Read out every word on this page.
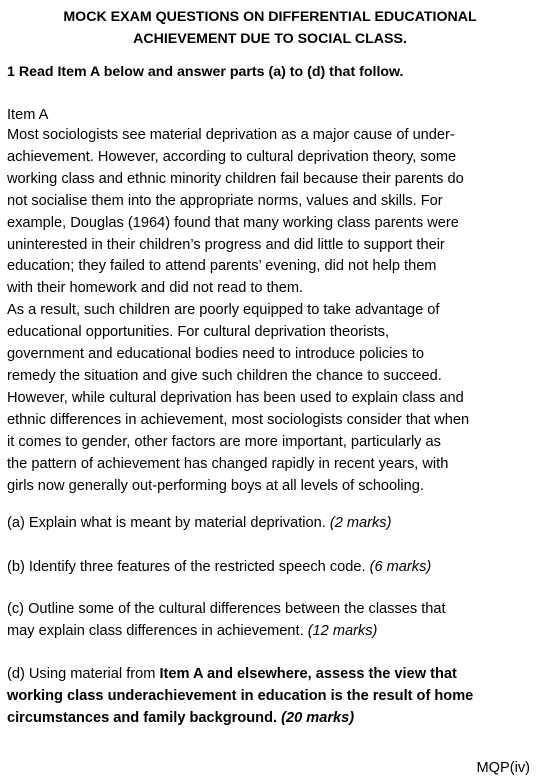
MOCK EXAM QUESTIONS ON DIFFERENTIAL EDUCATIONAL
ACHIEVEMENT DUE TO SOCIAL CLASS.
1 Read Item A below and answer parts (a) to (d) that follow.
Item A
Most sociologists see material deprivation as a major cause of under-
achievement. However, according to cultural deprivation theory, some
working class and ethnic minority children fail because their parents do
not socialise them into the appropriate norms, values and skills. For
example, Douglas (1964) found that many working class parents were
uninterested in their children’s progress and did little to support their
education; they failed to attend parents’ evening, did not help them
with their homework and did not read to them.
As a result, such children are poorly equipped to take advantage of
educational opportunities. For cultural deprivation theorists,
government and educational bodies need to introduce policies to
remedy the situation and give such children the chance to succeed.
However, while cultural deprivation has been used to explain class and
ethnic differences in achievement, most sociologists consider that when
it comes to gender, other factors are more important, particularly as
the pattern of achievement has changed rapidly in recent years, with
girls now generally out-performing boys at all levels of schooling.
(a) Explain what is meant by material deprivation. (2 marks)
(b) Identify three features of the restricted speech code. (6 marks)
(c) Outline some of the cultural differences between the classes that
may explain class differences in achievement. (12 marks)
(d) Using material from Item A and elsewhere, assess the view that
working class underachievement in education is the result of home
circumstances and family background. (20 marks)
MQP(iv)
